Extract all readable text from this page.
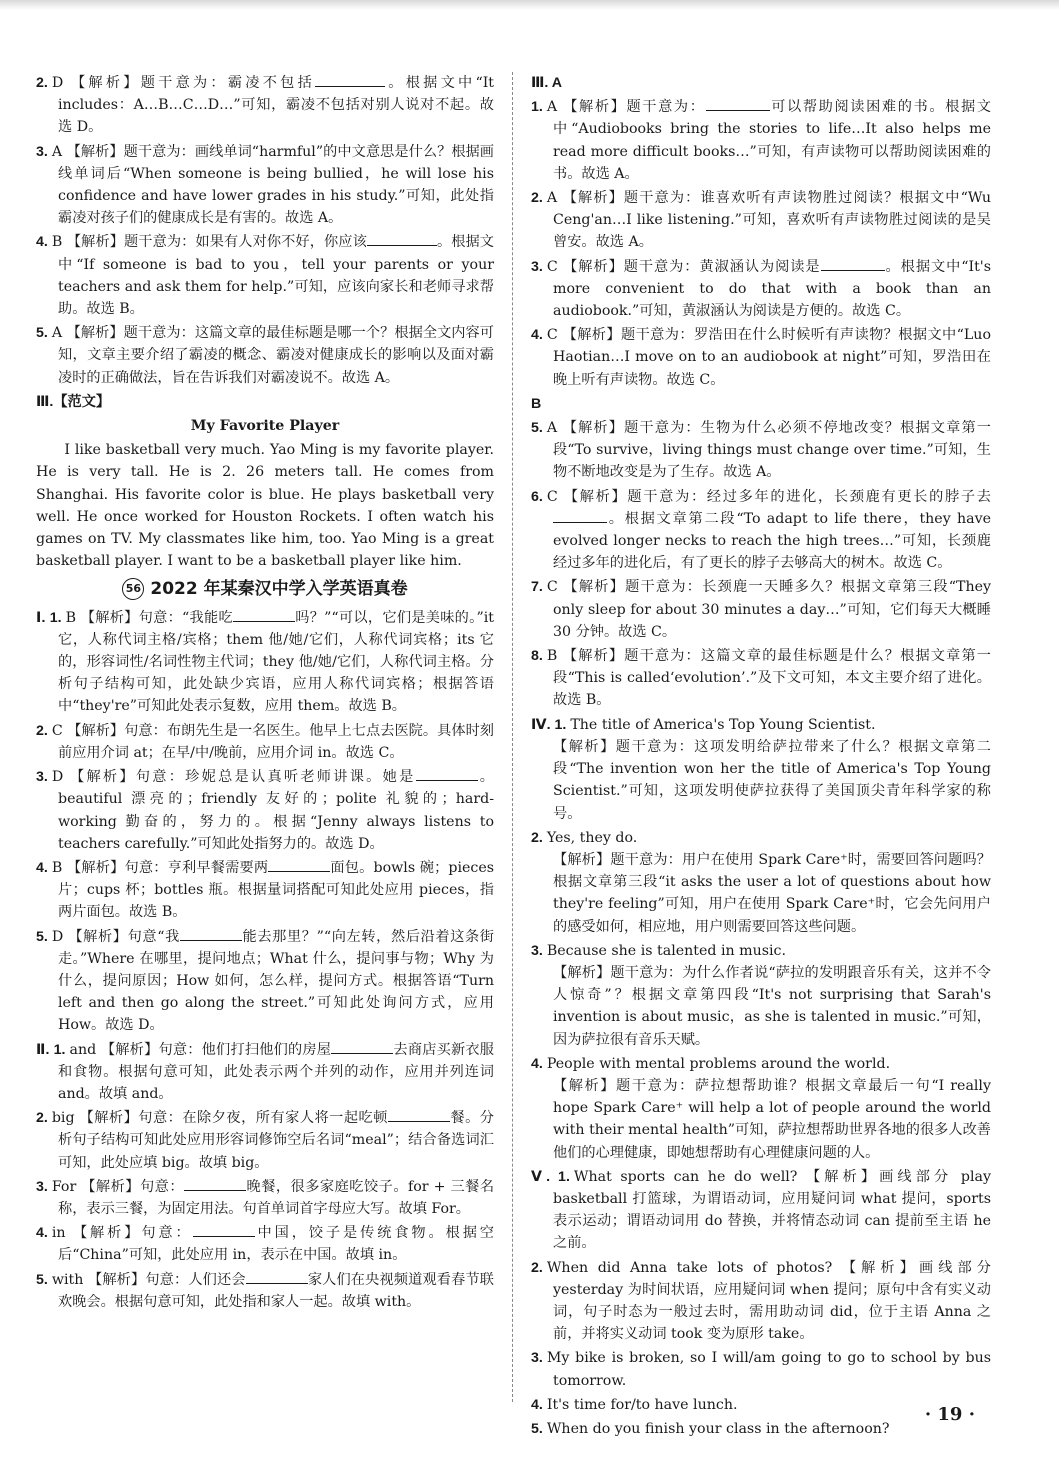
2. D 【解析】题干意为：霸凌不包括	。根据文中“It includes：A…B…C…D…”可知，霸凌不包括对别人说对不起。故选 D。
3. A 【解析】题干意为：画线单词“harmful”的中文意思是什么？根据画线单词后“When someone is being bullied，he will lose his confidence and have lower grades in his study.”可知，此处指霸凌对孩子们的健康成长是有害的。故选 A。
4. B 【解析】题干意为：如果有人对你不好，你应该	。根据文中“If someone is bad to you，tell your parents or your teachers and ask them for help.”可知，应该向家长和老师寻求帮助。故选 B。
5. A 【解析】题干意为：这篇文章的最佳标题是哪一个？根据全文内容可知，文章主要介绍了霸凌的概念、霸凌对健康成长的影响以及面对霸凌时的正确做法，旨在告诉我们对霸凌说不。故选 A。
Ⅲ.【范文】
My Favorite Player

I like basketball very much. Yao Ming is my favorite player. He is very tall. He is 2. 26 meters tall. He comes from Shanghai. His favorite color is blue. He plays basketball very well. He once worked for Houston Rockets. I often watch his games on TV. My classmates like him, too. Yao Ming is a great basketball player. I want to be a basketball player like him.

56 2022 年某秦汉中学入学英语真卷
Ⅰ. 1. B 【解析】句意：“我能吃	吗？”“可以，它们是美味的。”it 它，人称代词主格/宾格；them 他/她/它们，人称代词宾格；its 它的，形容词性/名词性物主代词；they 他/她/它们，人称代词主格。分析句子结构可知，此处缺少宾语，应用人称代词宾格；根据答语中“they're”可知此处表示复数，应用 them。故选 B。
2. C 【解析】句意：布朗先生是一名医生。他早上七点去医院。具体时刻前应用介词 at；在早/中/晚前，应用介词 in。故选 C。
3. D 【解析】句意：珍妮总是认真听老师讲课。她是	。beautiful 漂亮的；friendly 友好的；polite 礼貌的；hard-working 勤奋的，努力的。根据“Jenny always listens to teachers carefully.”可知此处指努力的。故选 D。
4. B 【解析】句意：亨利早餐需要两	面包。bowls 碗；pieces 片；cups 杯；bottles 瓶。根据量词搭配可知此处应用 pieces，指两片面包。故选 B。
5. D 【解析】句意“我	能去那里？”“向左转，然后沿着这条街走。”Where 在哪里，提问地点；What 什么，提问事与物；Why 为什么，提问原因；How 如何，怎么样，提问方式。根据答语“Turn left and then go along the street.”可知此处询问方式，应用 How。故选 D。
Ⅱ. 1. and 【解析】句意：他们打扫他们的房屋	去商店买新衣服和食物。根据句意可知，此处表示两个并列的动作，应用并列连词 and。故填 and。
2. big 【解析】句意：在除夕夜，所有家人将一起吃顿	餐。分析句子结构可知此处应用形容词修饰空后名词“meal”；结合备选词汇可知，此处应填 big。故填 big。
3. For 【解析】句意：	晚餐，很多家庭吃饺子。for + 三餐名称，表示三餐，为固定用法。句首单词首字母应大写。故填 For。
4. in 【解析】句意：	中国，饺子是传统食物。根据空后“China”可知，此处应用 in，表示在中国。故填 in。
5. with 【解析】句意：人们还会	家人们在央视频道观看春节联欢晚会。根据句意可知，此处指和家人一起。故填 with。
Ⅲ. A
1. A 【解析】题干意为：	可以帮助阅读困难的书。根据文中“Audiobooks bring the stories to life…It also helps me read more difficult books…”可知，有声读物可以帮助阅读困难的书。故选 A。
2. A 【解析】题干意为：谁喜欢听有声读物胜过阅读？根据文中“Wu Ceng'an…I like listening.”可知，喜欢听有声读物胜过阅读的是吴曾安。故选 A。
3. C 【解析】题干意为：黄淑涵认为阅读是	。根据文中“It's more convenient to do that with a book than an audiobook.”可知，黄淑涵认为阅读是方便的。故选 C。
4. C 【解析】题干意为：罗浩田在什么时候听有声读物？根据文中“Luo Haotian…I move on to an audiobook at night”可知，罗浩田在晚上听有声读物。故选 C。
B
5. A 【解析】题干意为：生物为什么必须不停地改变？根据文章第一段“To survive，living things must change over time.”可知，生物不断地改变是为了生存。故选 A。
6. C 【解析】题干意为：经过多年的进化，长颈鹿有更长的脖子去。根据文章第二段“To adapt to life there，they have evolved longer necks to reach the high trees…”可知，长颈鹿经过多年的进化后，有了更长的脖子去够高大的树木。故选 C。
7. C 【解析】题干意为：长颈鹿一天睡多久？根据文章第三段“They only sleep for about 30 minutes a day…”可知，它们每天大概睡 30 分钟。故选 C。
8. B 【解析】题干意为：这篇文章的最佳标题是什么？根据文章第一段“This is called‘evolution’.”及下文可知，本文主要介绍了进化。故选 B。
Ⅳ. 1. The title of America's Top Young Scientist.
【解析】题干意为：这项发明给萨拉带来了什么？根据文章第二段“The invention won her the title of America's Top Young Scientist.”可知，这项发明使萨拉获得了美国顶尖青年科学家的称号。
2. Yes, they do.
【解析】题干意为：用户在使用 Spark Care⁺时，需要回答问题吗？根据文章第三段“it asks the user a lot of questions about how they're feeling”可知，用户在使用 Spark Care⁺时，它会先问用户的感受如何，相应地，用户则需要回答这些问题。
3. Because she is talented in music.
【解析】题干意为：为什么作者说“萨拉的发明跟音乐有关，这并不令人惊奇”？根据文章第四段“It's not surprising that Sarah's invention is about music，as she is talented in music.”可知，因为萨拉很有音乐天赋。
4. People with mental problems around the world.
【解析】题干意为：萨拉想帮助谁？根据文章最后一句“I really hope Spark Care⁺ will help a lot of people around the world with their mental health”可知，萨拉想帮助世界各地的很多人改善他们的心理健康，即她想帮助有心理健康问题的人。
Ⅴ. 1. What sports can he do well? 【解析】画线部分 play basketball 打篮球，为谓语动词，应用疑问词 what 提问，sports 表示运动；谓语动词用 do 替换，并将情态动词 can 提前至主语 he 之前。
2. When did Anna take lots of photos? 【解析】画线部分 yesterday 为时间状语，应用疑问词 when 提问；原句中含有实义动词，句子时态为一般过去时，需用助动词 did，位于主语 Anna 之前，并将实义动词 took 变为原形 take。
3. My bike is broken, so I will/am going to go to school by bus tomorrow.
4. It's time for/to have lunch.
5. When do you finish your class in the afternoon?
· 19 ·
